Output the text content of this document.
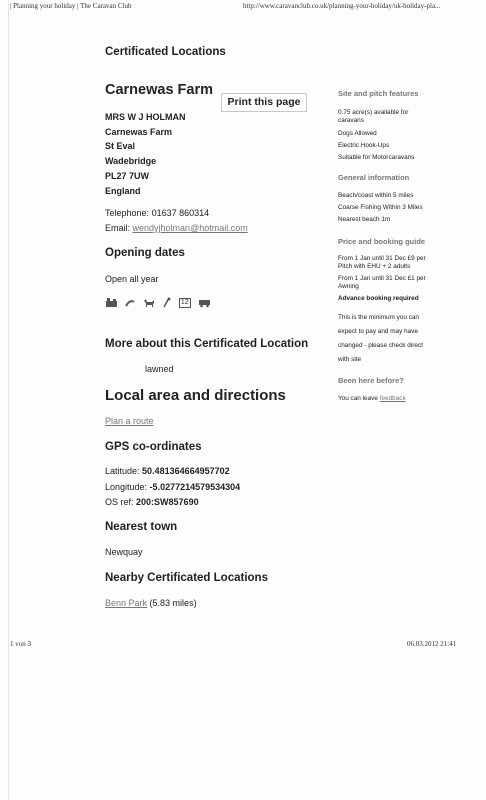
| Planning your holiday | The Caravan Club	http://www.caravanclub.co.uk/planning-your-holiday/uk-holiday-pla...
Certificated Locations
Carnewas Farm
Print this page
MRS W J HOLMAN
Carnewas Farm
St Eval
Wadebridge
PL27 7UW
England
Telephone: 01637 860314
Email: wendyjholman@hotmail.com
Opening dates
Open all year
12
More about this Certificated Location
lawned
Local area and directions
Plan a route
GPS co-ordinates
Latitude: 50.481364664957702
Longitude: -5.0277214579534304
OS ref: 200:SW857690
Nearest town
Newquay
Nearby Certificated Locations
Benn Park (5.83 miles)
Site and pitch features
0.75 acre(s) available for caravans
Dogs Allowed
Electric Hook-Ups
Suitable for Motorcaravans
General information
Beach/coast within 5 miles
Coarse Fishing Within 3 Miles
Nearest beach 1m
Price and booking guide
From 1 Jan until 31 Dec £9 per Pitch with EHU + 2 adults
From 1 Jan until 31 Dec £1 per Awning
Advance booking required
This is the minimum you can expect to pay and may have changed - please check direct with site
Been here before?
You can leave feedback
1 von 3	06.03.2012 21:41
